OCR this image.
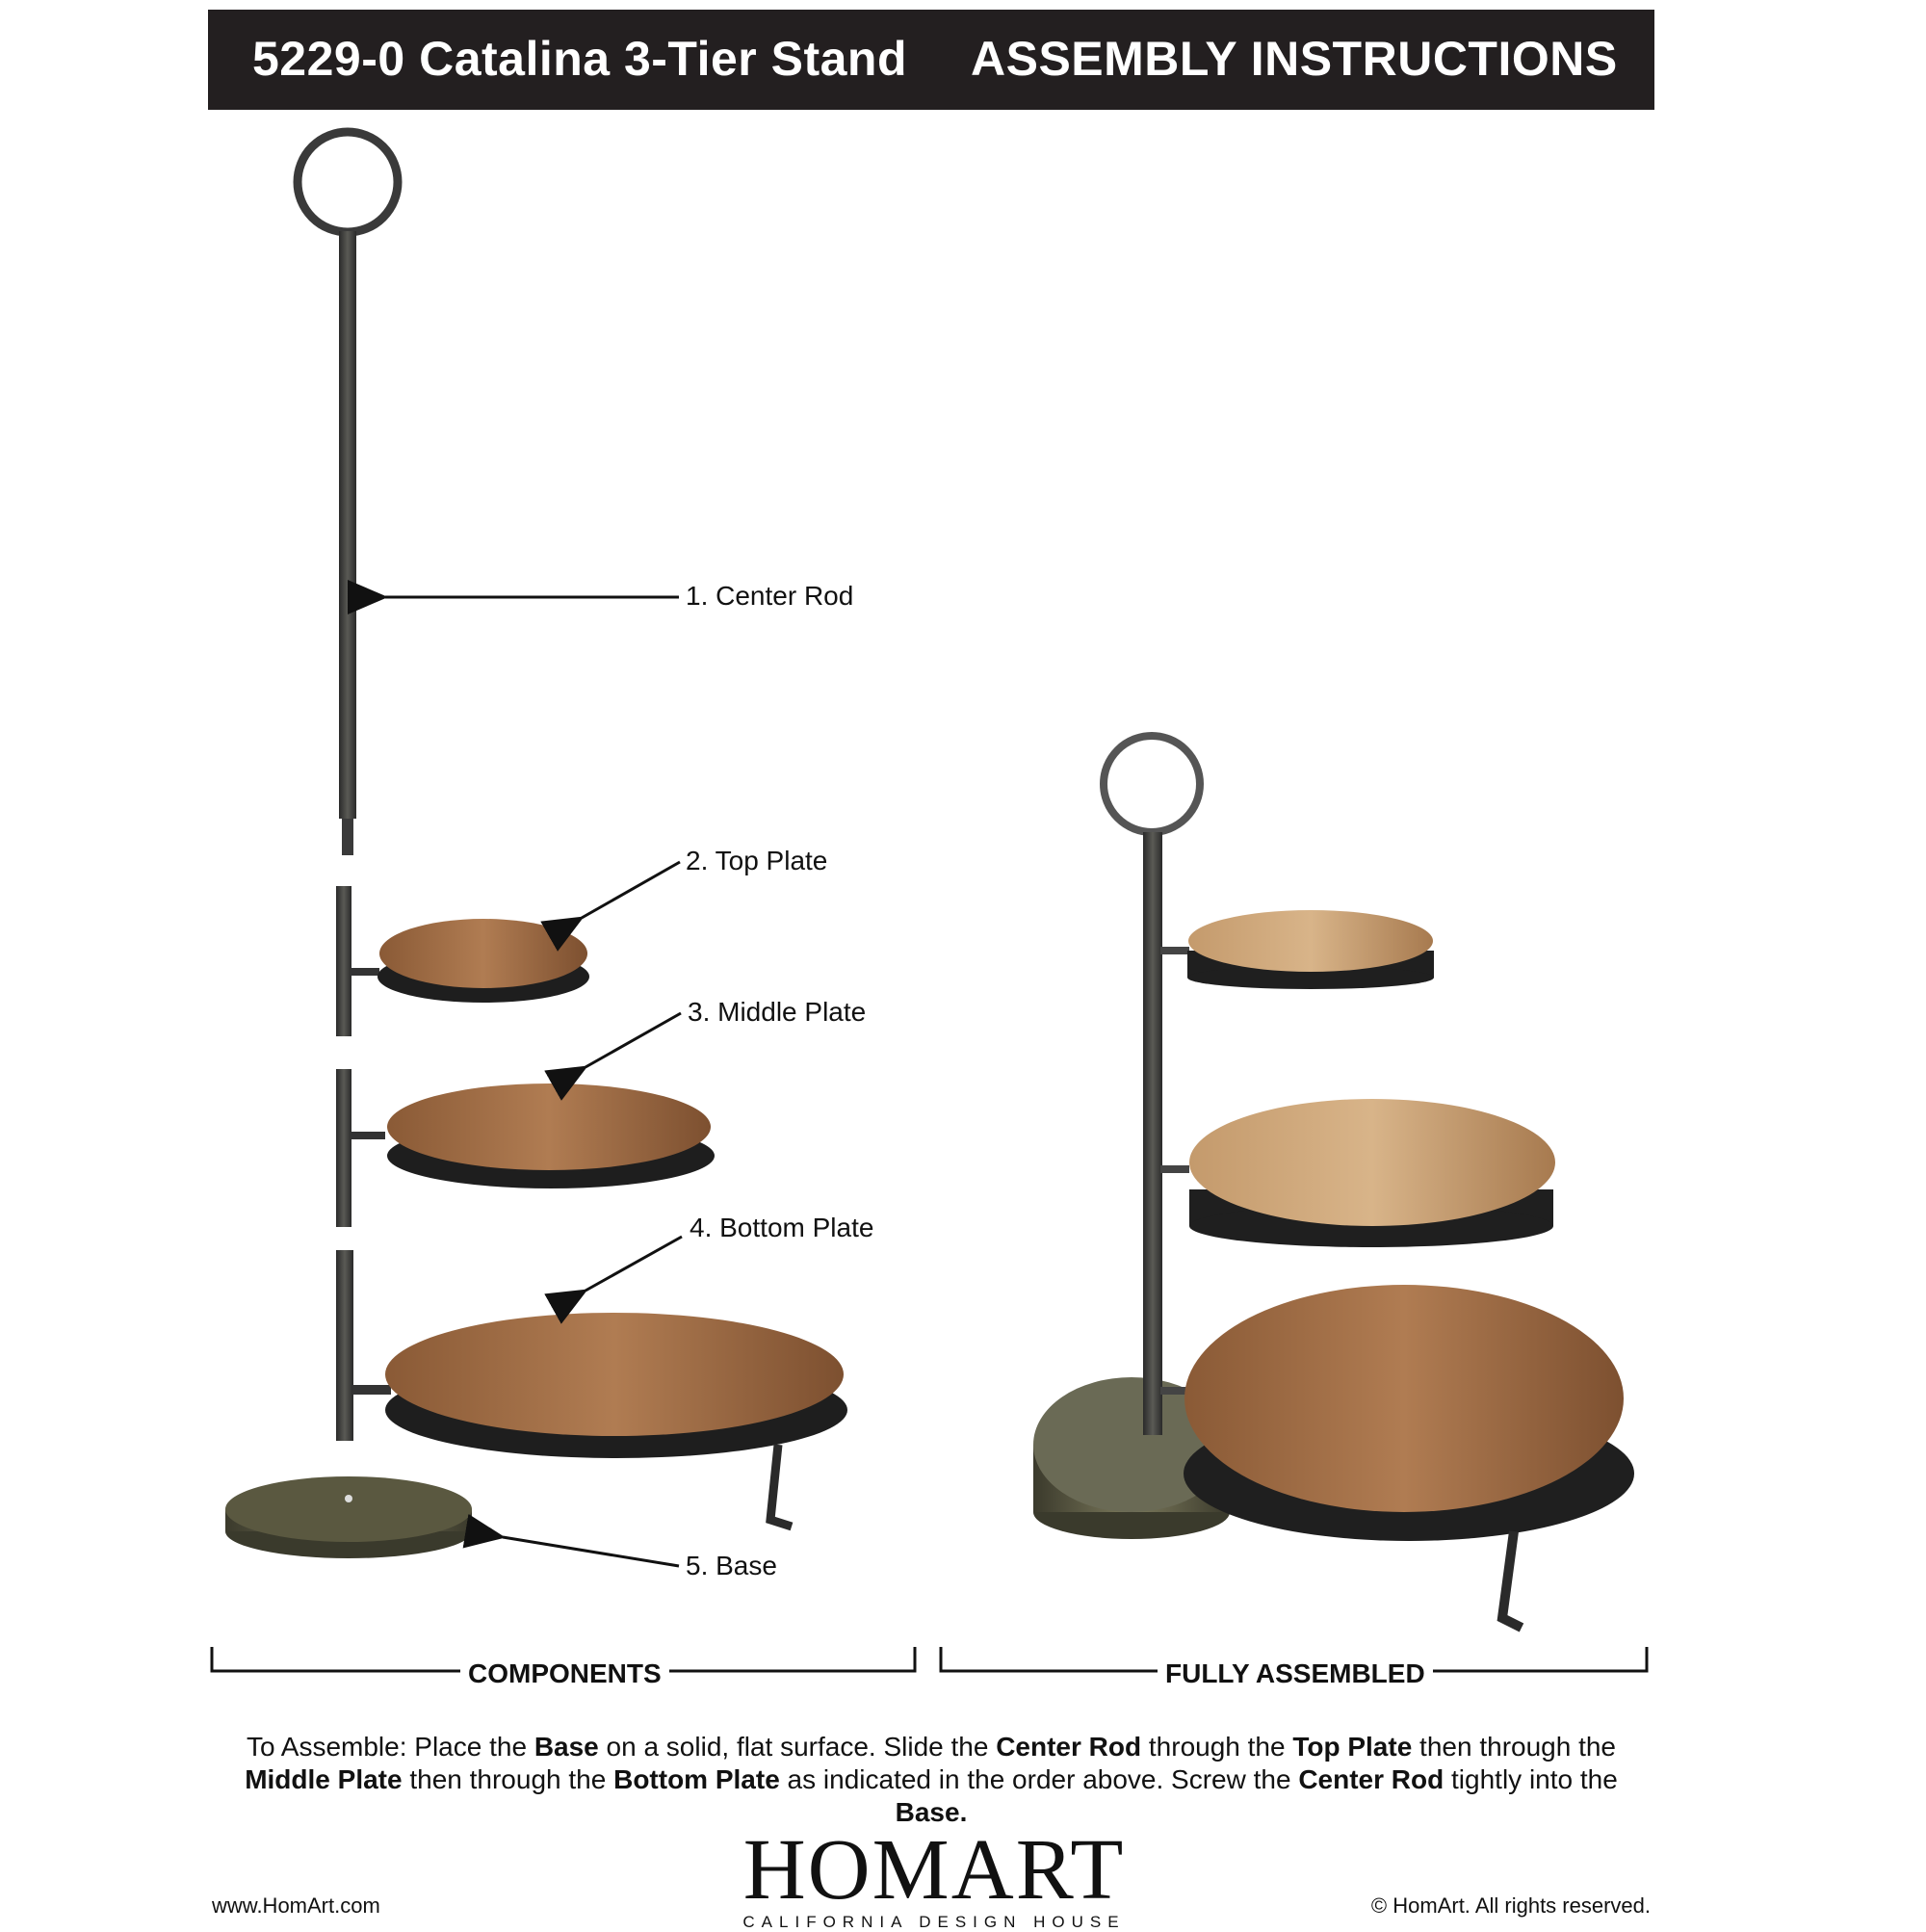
5229-0 Catalina 3-Tier Stand ASSEMBLY INSTRUCTIONS
1. Center Rod
2. Top Plate
3. Middle Plate
4. Bottom Plate
5. Base
COMPONENTS	FULLY ASSEMBLED
To Assemble: Place the Base on a solid, flat surface. Slide the Center Rod through the Top Plate then through the
Middle Plate then through the Bottom Plate as indicated in the order above. Screw the Center Rod tightly into the Base.
www.HomArt.com	HOMART
CALIFORNIA DESIGN HOUSE
© HomArt. All rights reserved.
